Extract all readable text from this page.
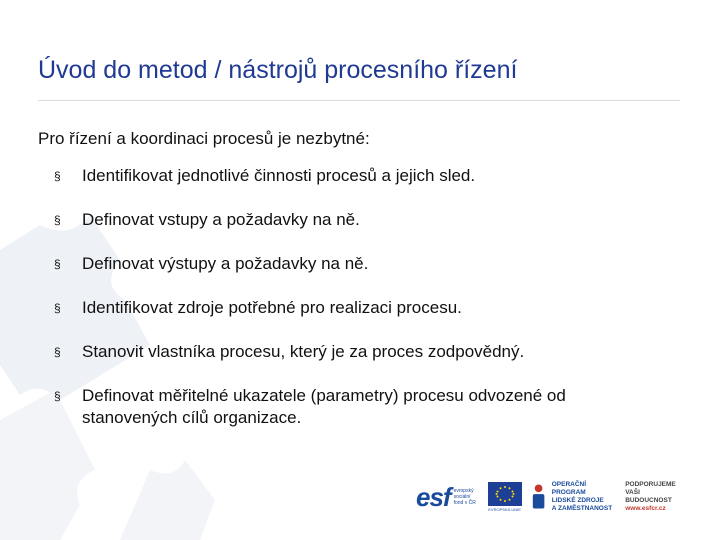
Úvod do metod / nástrojů procesního řízení
Pro řízení a koordinaci procesů je nezbytné:
§ Identifikovat jednotlivé činnosti procesů a jejich sled.
§ Definovat vstupy a požadavky na ně.
§ Definovat výstupy a požadavky na ně.
§ Identifikovat zdroje potřebné pro realizaci procesu.
§ Stanovit vlastníka procesu, který je za proces zodpovědný.
§ Definovat měřitelné ukazatele (parametry) procesu odvozené od stanovených cílů organizace.
esf evropský sociální fond v ČR
EVROPSKÁ UNIE
OPERAČNÍ PROGRAM
LIDSKÉ ZDROJE
A ZAMĚSTNANOST
PODPORUJEME
VAŠI BUDOUCNOST
www.esfcr.cz
